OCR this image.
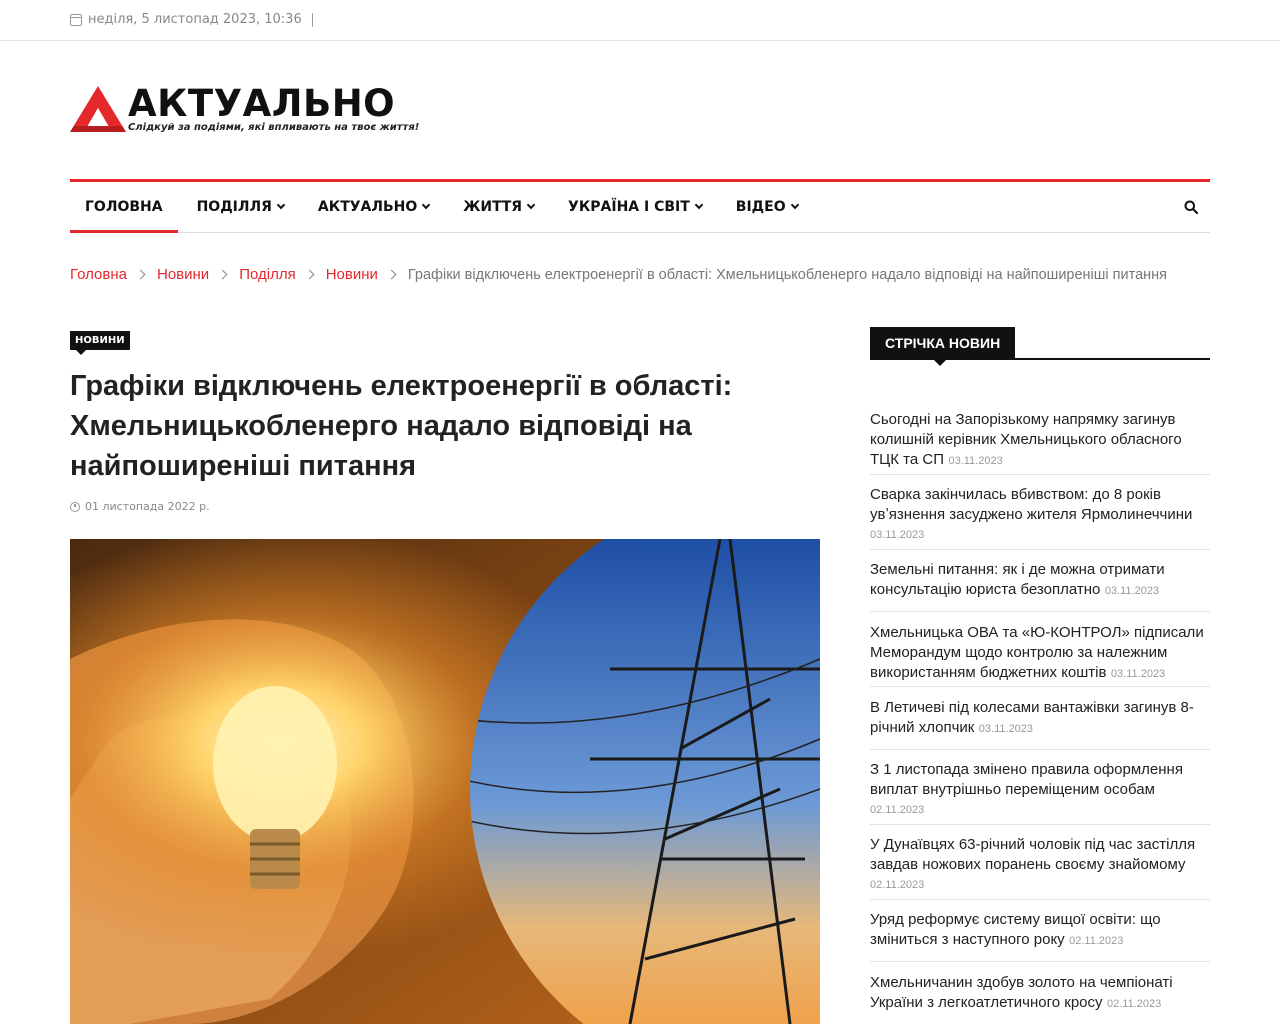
неділя, 5 листопад 2023, 10:36
АКТУАЛЬНО
Слідкуй за подіями, які впливають на твоє життя!
ГОЛОВНА ПОДІЛЛЯ	АКТУАЛЬНО	ЖИТТЯ	УКРАЇНА І СВІТ	ВІДЕО
Головна Новини Поділля Новини Графіки відключень електроенергії в області: Хмельницькобленерго надало відповіді на найпоширеніші питання
НОВИНИ
Графіки відключень електроенергії в області: Хмельницькобленерго надало відповіді на найпоширеніші питання
01 листопада 2022 р.
СТРІЧКА НОВИН
Сьогодні на Запорізькому напрямку загинув колишній керівник Хмельницького обласного ТЦК та СП 03.11.2023
Сварка закінчилась вбивством: до 8 років увʼязнення засуджено жителя Ярмолинеччини
03.11.2023
Земельні питання: як і де можна отримати консультацію юриста безоплатно 03.11.2023
Хмельницька ОВА та «Ю-КОНТРОЛ» підписали Меморандум щодо контролю за належним використанням бюджетних коштів 03.11.2023
В Летичеві під колесами вантажівки загинув 8-річний хлопчик 03.11.2023
З 1 листопада змінено правила оформлення виплат внутрішньо переміщеним особам
02.11.2023
У Дунаївцях 63-річний чоловік під час застілля завдав ножових поранень своєму знайомому
02.11.2023
Уряд реформує систему вищої освіти: що зміниться з наступного року 02.11.2023
Хмельничанин здобув золото на чемпіонаті України з легкоатлетичного кросу 02.11.2023
